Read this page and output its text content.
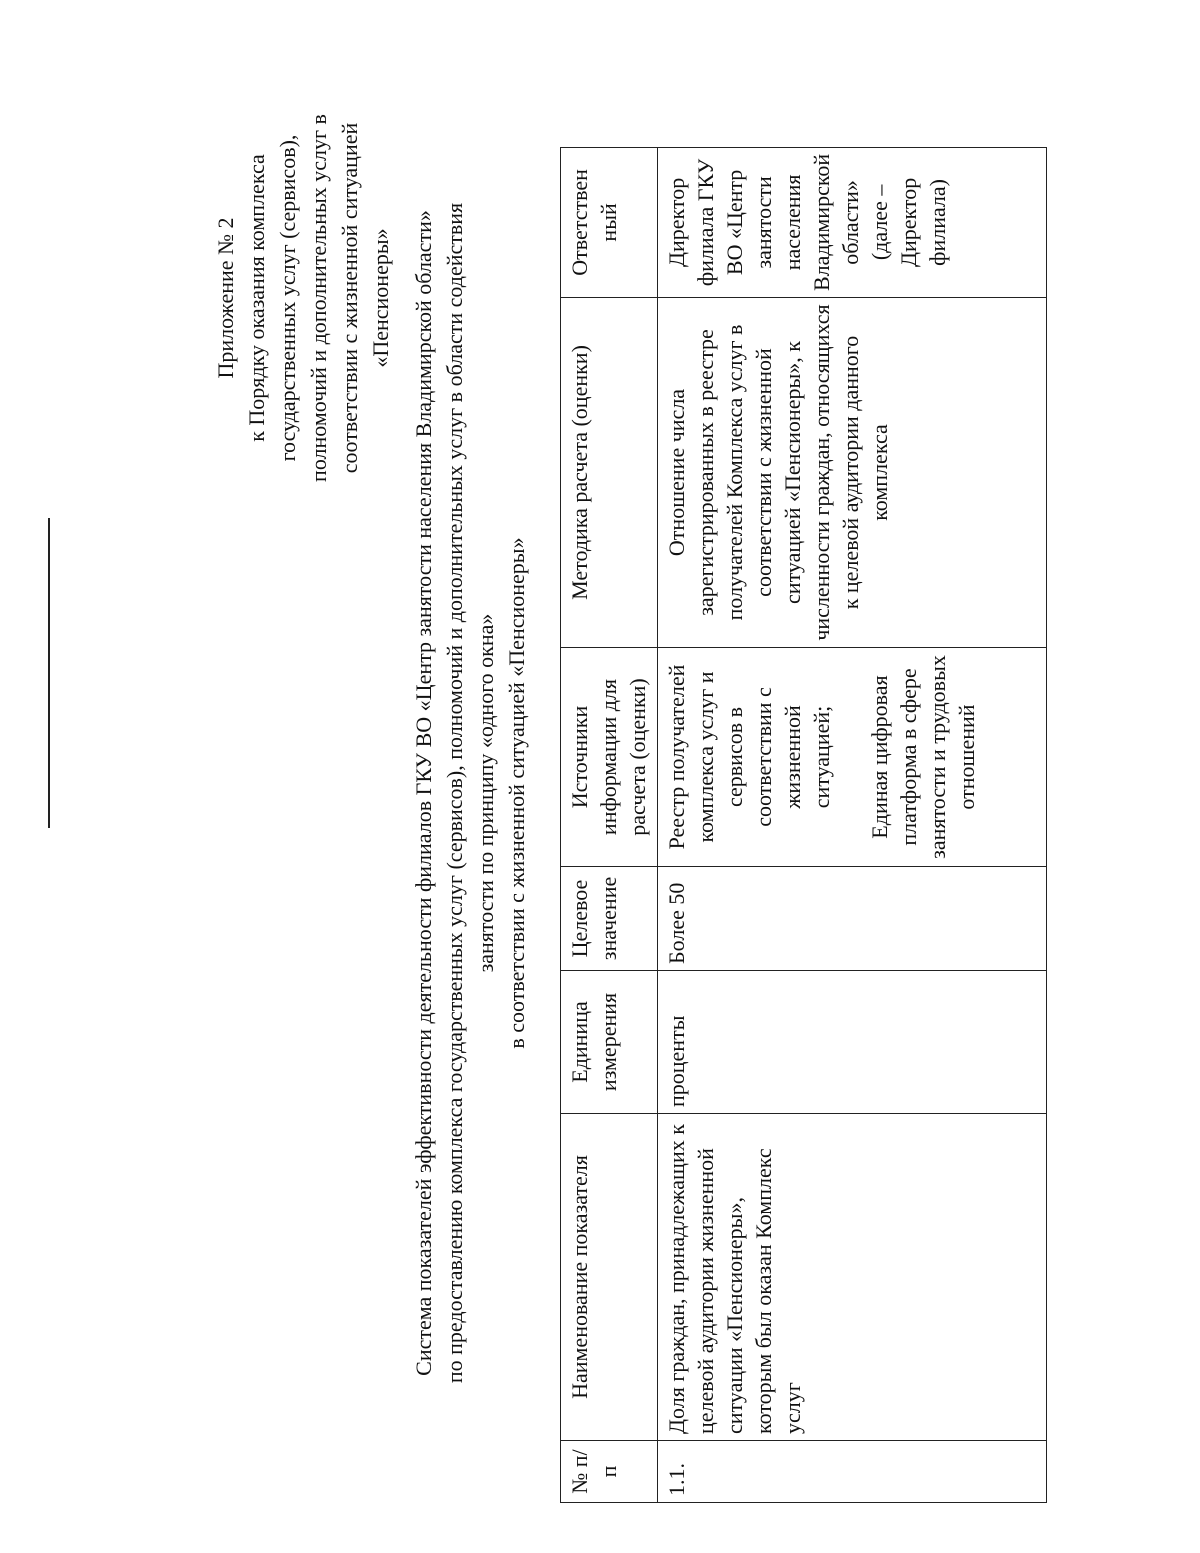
Приложение № 2 к Порядку оказания комплекса государственных услуг (сервисов), полномочий и дополнительных услуг в соответствии с жизненной ситуацией «Пенсионеры» Система показателей эффективности деятельности филиалов ГКУ ВО «Центр занятости населения Владимирской области» по предоставлению комплекса государственных услуг (сервисов), полномочий и дополнительных услуг в области содействия занятости по принципу «одного окна» в соответствии с жизненной ситуацией «Пенсионеры»
№ п/п	Наименование показателя	Единица измерения	Целевое значение	Источники информации для расчета (оценки)	Методика расчета (оценки)	Ответствен ный
1.1.	Доля граждан, принадлежащих к целевой аудитории жизненной ситуации «Пенсионеры», которым был оказан Комплекс услуг	проценты	Более 50	Реестр получателей комплекса услуг и сервисов в соответствии с жизненной ситуацией; Единая цифровая платформа в сфере занятости и трудовых отношений	Отношение числа зарегистрированных в реестре получателей Комплекса услуг в соответствии с жизненной ситуацией «Пенсионеры», к численности граждан, относящихся к целевой аудитории данного комплекса	Директор филиала ГКУ ВО «Центр занятости населения Владимирской области» (далее – Директор филиала)
